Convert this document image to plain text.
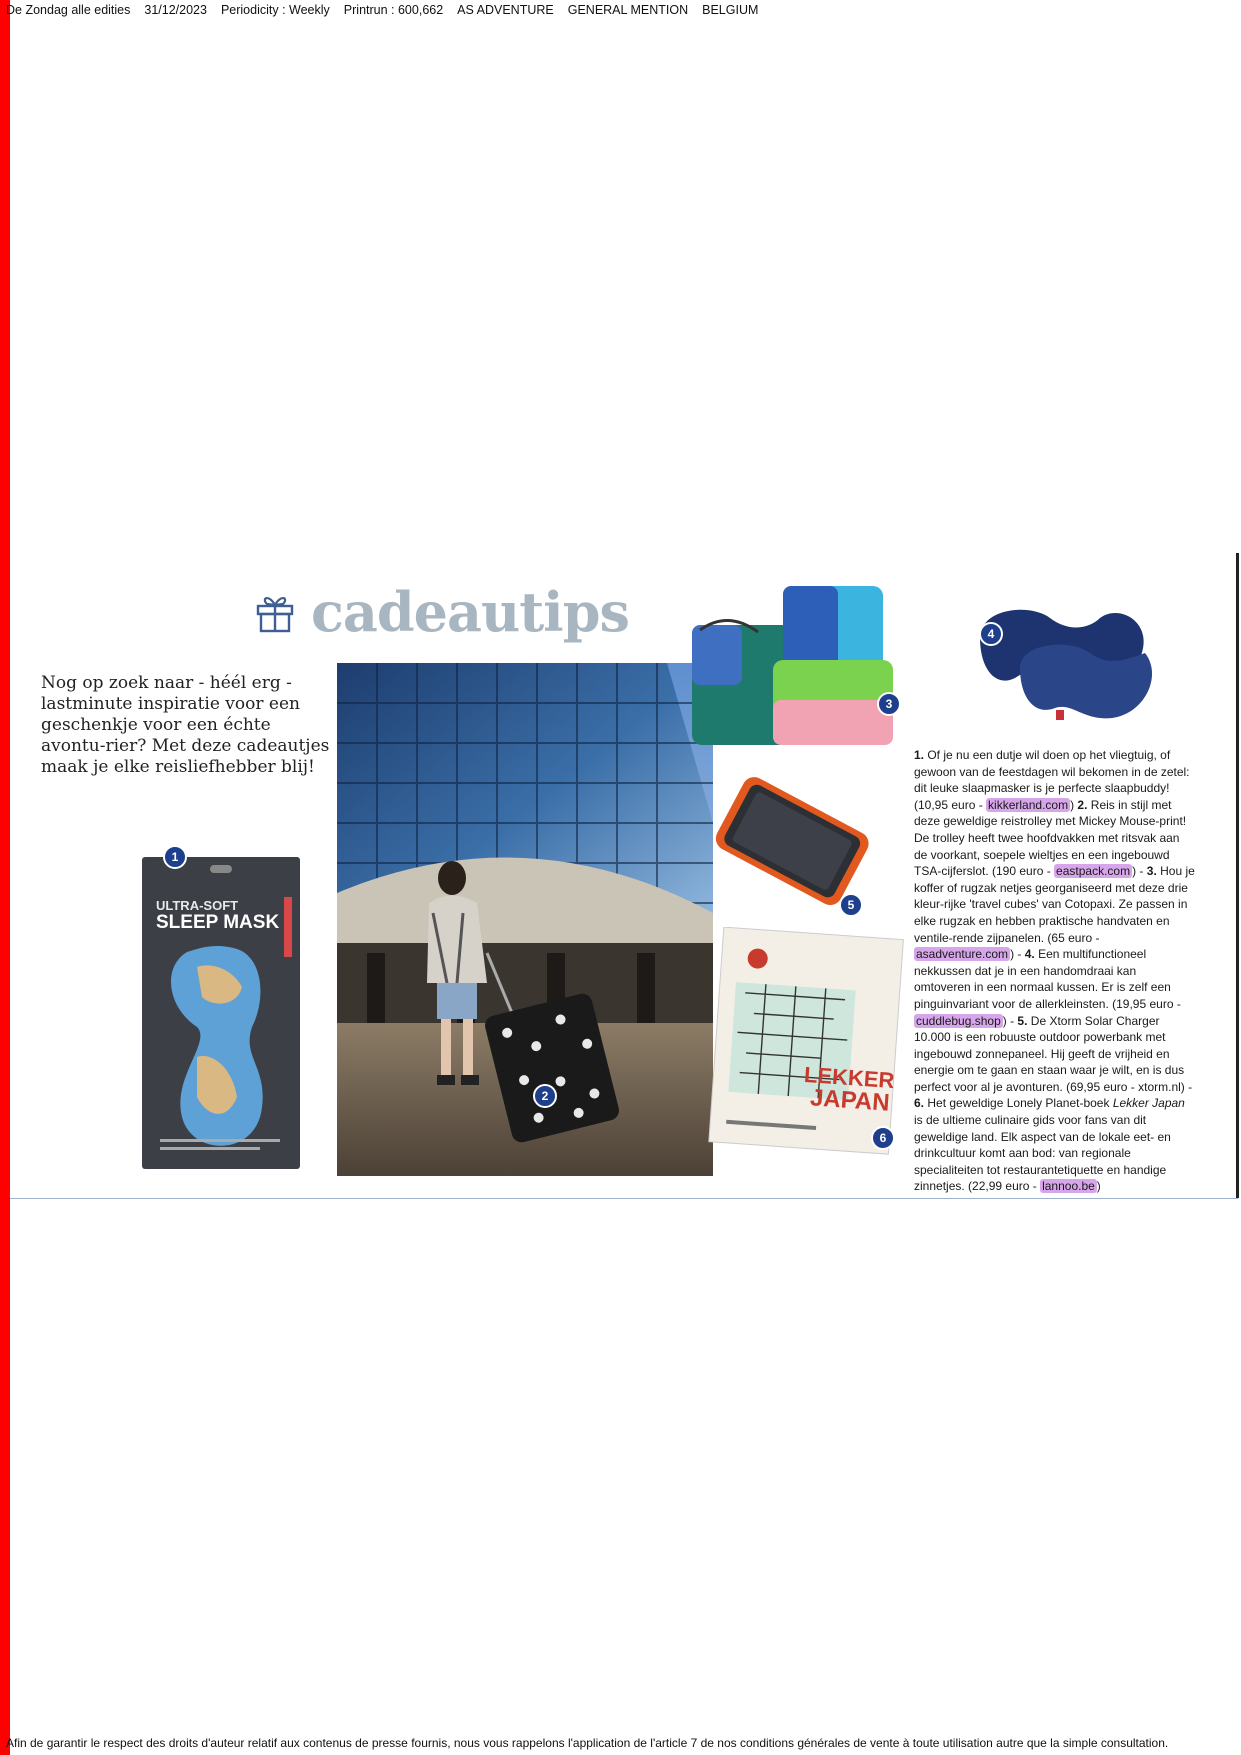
De Zondag alle edities 31/12/2023 Periodicity : Weekly Printrun : 600,662 AS ADVENTURE GENERAL MENTION BELGIUM
cadeautips
Nog op zoek naar - héél erg - lastminute inspiratie voor een geschenkje voor een échte avontu-rier? Met deze cadeautjes maak je elke reisliefhebber blij!
ULTRA-SOFT
SLEEP MASK
LEKKER
JAPAN
1
2
3
4
5
6
1. Of je nu een dutje wil doen op het vliegtuig, of gewoon van de feestdagen wil bekomen in de zetel: dit leuke slaapmasker is je perfecte slaapbuddy! (10,95 euro - kikkerland.com ) 2. Reis in stijl met deze geweldige reistrolley met Mickey Mouse-print! De trolley heeft twee hoofdvakken met ritsvak aan de voorkant, soepele wieltjes en een ingebouwd TSA-cijferslot. (190 euro - eastpack.com ) - 3. Hou je koffer of rugzak netjes georganiseerd met deze drie kleur-rijke 'travel cubes' van Cotopaxi. Ze passen in elke rugzak en hebben praktische handvaten en ventile-rende zijpanelen. (65 euro - asadventure.com ) - 4. Een multifunctioneel nekkussen dat je in een handomdraai kan omtoveren in een normaal kussen. Er is zelf een pinguinvariant voor de allerkleinsten. (19,95 euro - cuddlebug.shop ) - 5. De Xtorm Solar Charger 10.000 is een robuuste outdoor powerbank met ingebouwd zonnepaneel. Hij geeft de vrijheid en energie om te gaan en staan waar je wilt, en is dus perfect voor al je avonturen. (69,95 euro - xtorm.nl) - 6. Het geweldige Lonely Planet-boek Lekker Japan is de ultieme culinaire gids voor fans van dit geweldige land. Elk aspect van de lokale eet- en drinkcultuur komt aan bod: van regionale specialiteiten tot restaurantetiquette en handige zinnetjes. (22,99 euro - lannoo.be )
Afin de garantir le respect des droits d'auteur relatif aux contenus de presse fournis, nous vous rappelons l'application de l'article 7 de nos conditions générales de vente à toute utilisation autre que la simple consultation.
